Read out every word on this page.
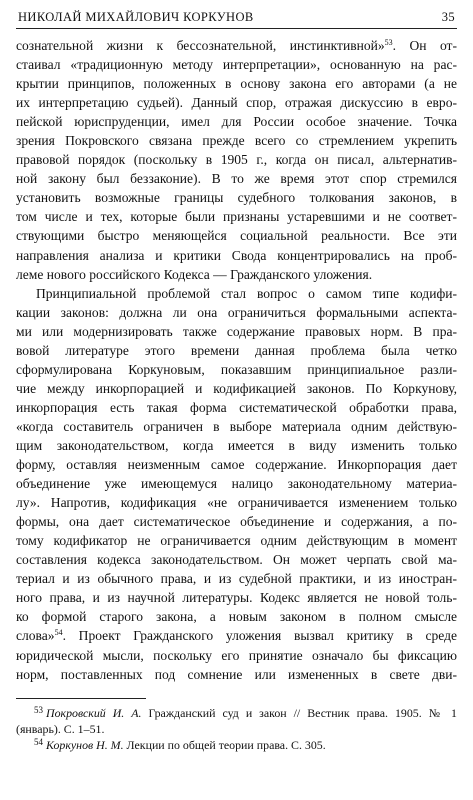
НИКОЛАЙ МИХАЙЛОВИЧ КОРКУНОВ	35

сознательной жизни к бессознательной, инстинктивной»$^{53}$. Он от-
стаивал «традиционную методу интерпретации», основанную на рас-
крытии принципов, положенных в основу закона его авторами (а не
их интерпретацию судьей). Данный спор, отражая дискуссию в евро-
пейской юриспруденции, имел для России особое значение. Точка
зрения Покровского связана прежде всего со стремлением укрепить
правовой порядок (поскольку в 1905 г., когда он писал, альтернатив-
ной закону был беззаконие). В то же время этот спор стремился
установить возможные границы судебного толкования законов, в
том числе и тех, которые были признаны устаревшими и не соответ-
ствующими быстро меняющейся социальной реальности. Все эти
направления анализа и критики Свода концентрировались на проб-
леме нового российского Кодекса — Гражданского уложения.

Принципиальной проблемой стал вопрос о самом типе кодифи-
кации законов: должна ли она ограничиться формальными аспекта-
ми или модернизировать также содержание правовых норм. В пра-
вовой литературе этого времени данная проблема была четко
сформулирована Коркуновым, показавшим принципиальное разли-
чие между инкорпорацией и кодификацией законов. По Коркунову,
инкорпорация есть такая форма систематической обработки права,
«когда составитель ограничен в выборе материала одним действую-
щим законодательством, когда имеется в виду изменить только
форму, оставляя неизменным самое содержание. Инкорпорация дает
объединение уже имеющемуся налицо законодательному материа-
лу». Напротив, кодификация «не ограничивается изменением только
формы, она дает систематическое объединение и содержания, а по-
тому кодификатор не ограничивается одним действующим в момент
составления кодекса законодательством. Он может черпать свой ма-
териал и из обычного права, и из судебной практики, и из иностран-
ного права, и из научной литературы. Кодекс является не новой толь-
ко формой старого закона, а новым законом в полном смысле
слова»$^{54}$. Проект Гражданского уложения вызвал критику в среде
юридической мысли, поскольку его принятие означало бы фиксацию
норм, поставленных под сомнение или измененных в свете дви-

$^{53}$ Покровский И. А. Гражданский суд и закон // Вестник права. 1905. № 1
(январь). С. 1–51.
$^{54}$ Коркунов Н. М. Лекции по общей теории права. С. 305.
